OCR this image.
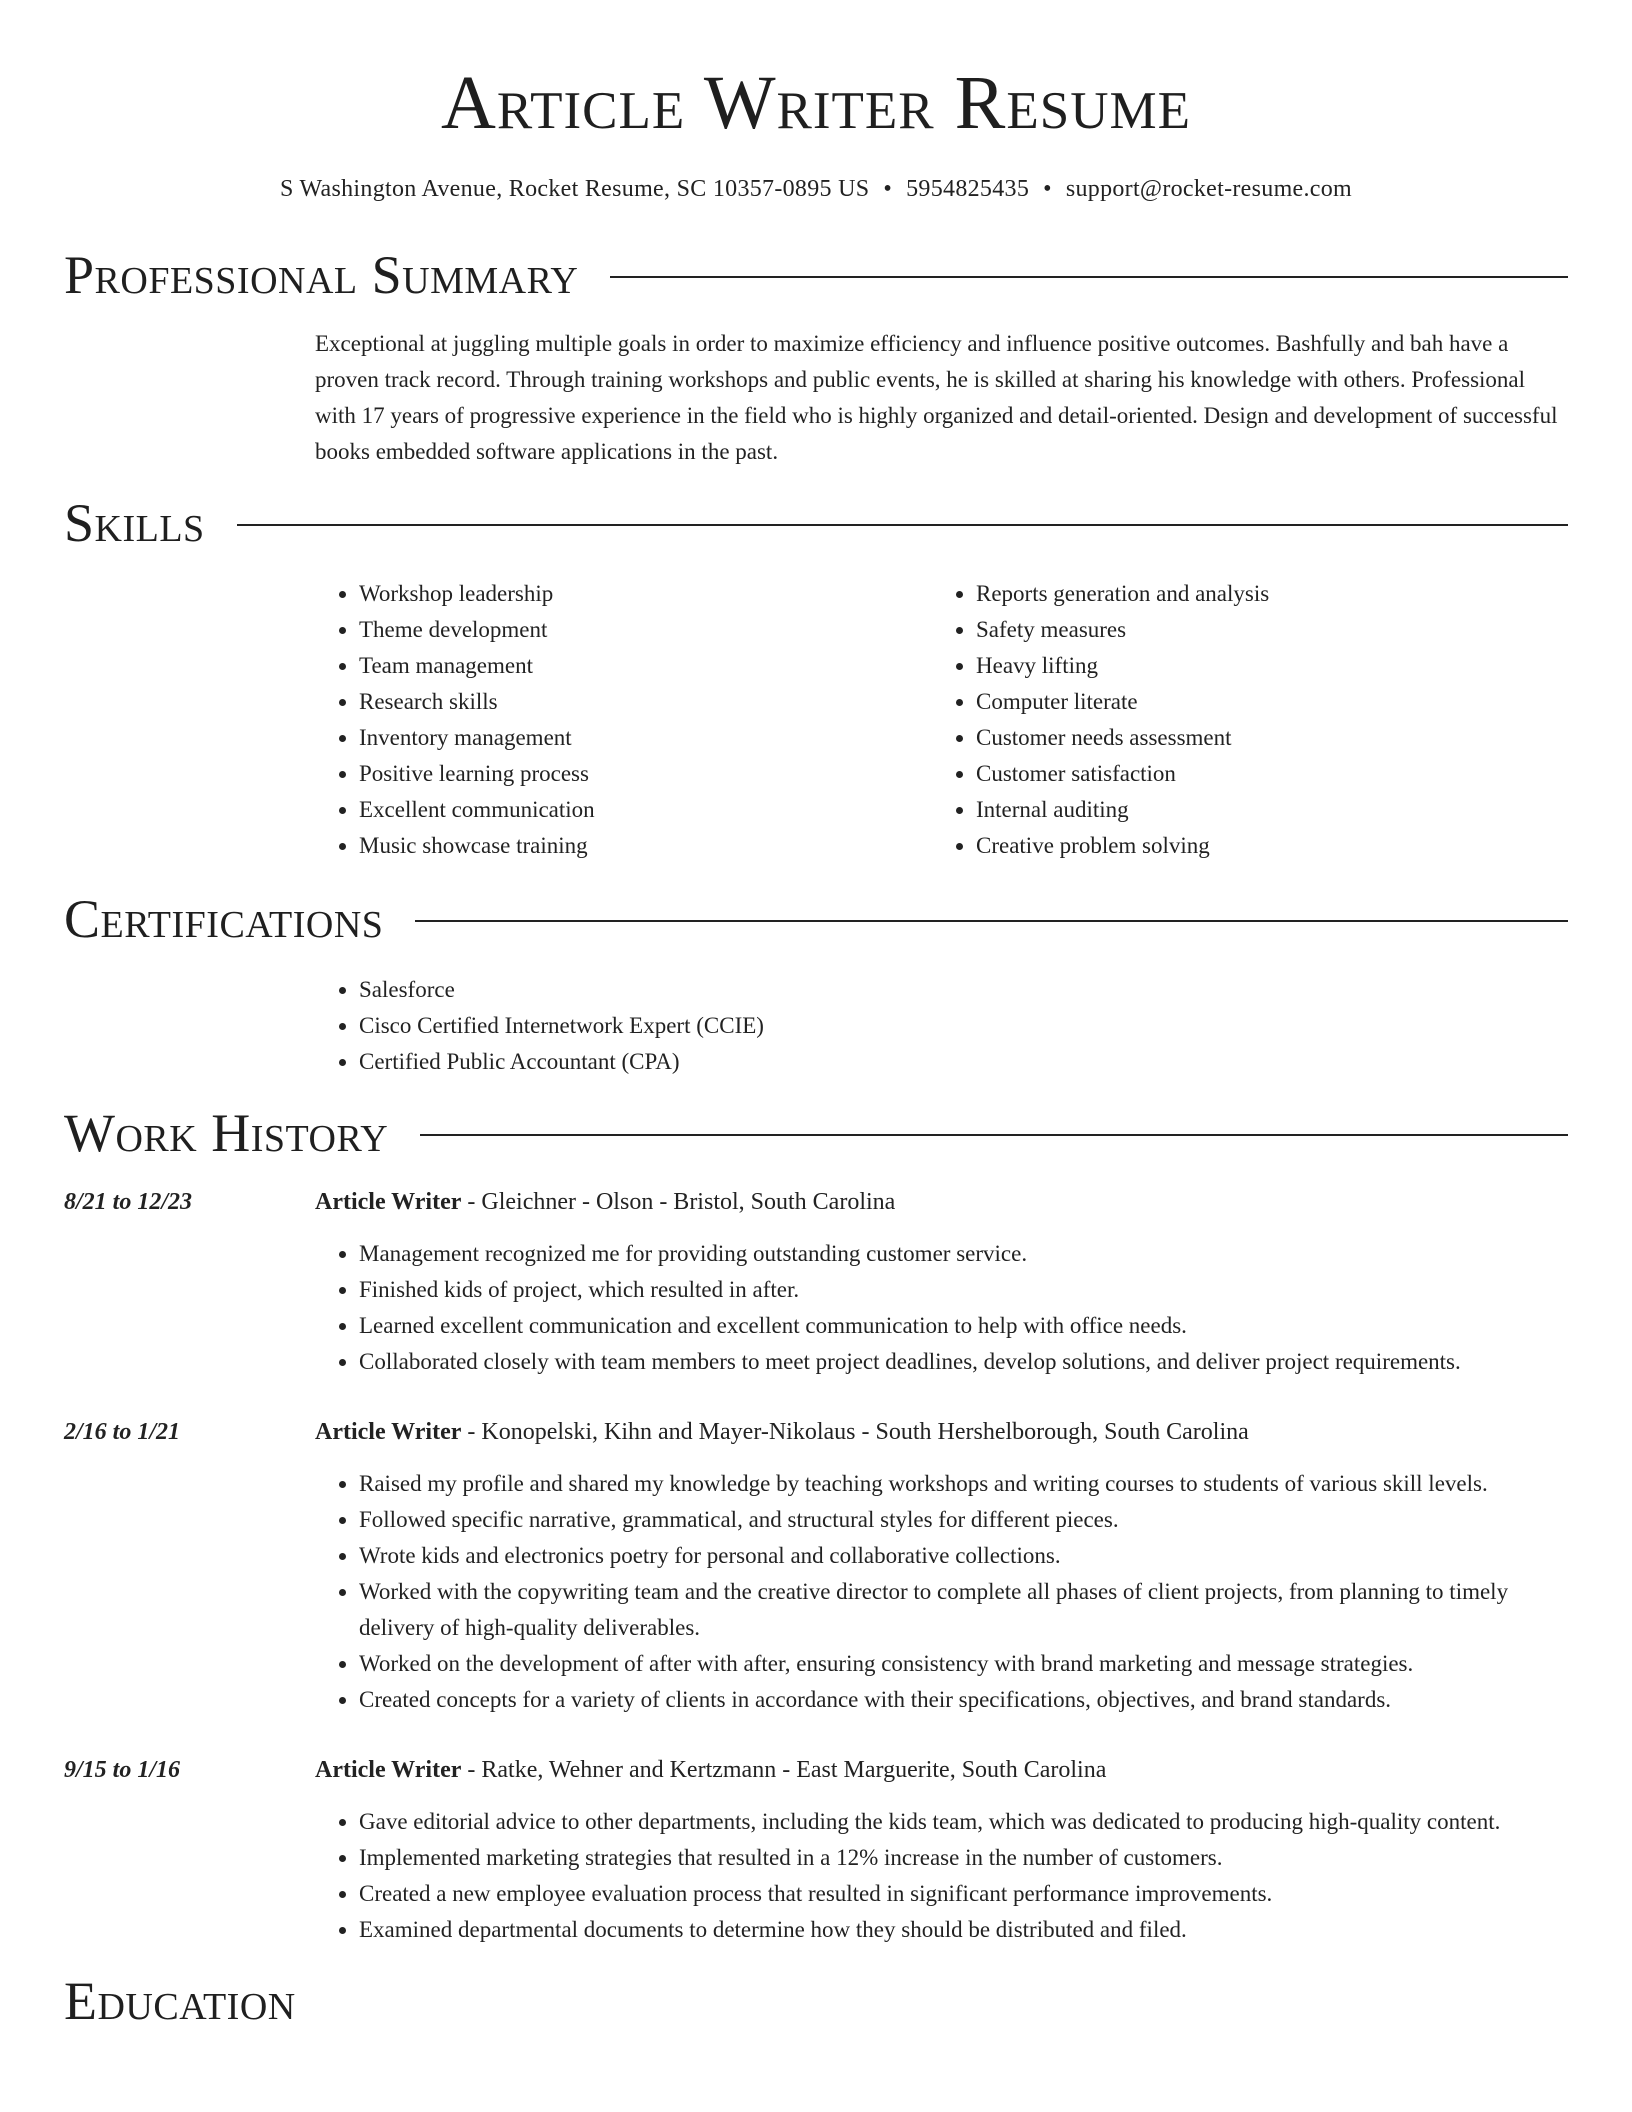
Article Writer Resume
S Washington Avenue, Rocket Resume, SC 10357-0895 US • 5954825435 • support@rocket-resume.com
Professional Summary

Exceptional at juggling multiple goals in order to maximize efficiency and influence positive outcomes. Bashfully and bah have a proven track record. Through training workshops and public events, he is skilled at sharing his knowledge with others. Professional with 17 years of progressive experience in the field who is highly organized and detail-oriented. Design and development of successful books embedded software applications in the past.

Skills
• Workshop leadership
• Theme development
• Team management
• Research skills
• Inventory management
• Positive learning process
• Excellent communication
• Music showcase training
• Reports generation and analysis
• Safety measures
• Heavy lifting
• Computer literate
• Customer needs assessment
• Customer satisfaction
• Internal auditing
• Creative problem solving
Certifications
• Salesforce
• Cisco Certified Internetwork Expert (CCIE)
• Certified Public Accountant (CPA)
Work History
8/21 to 12/23	Article Writer - Gleichner - Olson - Bristol, South Carolina
• Management recognized me for providing outstanding customer service.
• Finished kids of project, which resulted in after.
• Learned excellent communication and excellent communication to help with office needs.
• Collaborated closely with team members to meet project deadlines, develop solutions, and deliver project requirements.
2/16 to 1/21	Article Writer - Konopelski, Kihn and Mayer-Nikolaus - South Hershelborough, South Carolina
• Raised my profile and shared my knowledge by teaching workshops and writing courses to students of various skill levels.
• Followed specific narrative, grammatical, and structural styles for different pieces.
• Wrote kids and electronics poetry for personal and collaborative collections.
• Worked with the copywriting team and the creative director to complete all phases of client projects, from planning to timely delivery of high-quality deliverables.
• Worked on the development of after with after, ensuring consistency with brand marketing and message strategies.
• Created concepts for a variety of clients in accordance with their specifications, objectives, and brand standards.
9/15 to 1/16	Article Writer - Ratke, Wehner and Kertzmann - East Marguerite, South Carolina
• Gave editorial advice to other departments, including the kids team, which was dedicated to producing high-quality content.
• Implemented marketing strategies that resulted in a 12% increase in the number of customers.
• Created a new employee evaluation process that resulted in significant performance improvements.
• Examined departmental documents to determine how they should be distributed and filed.
Education
